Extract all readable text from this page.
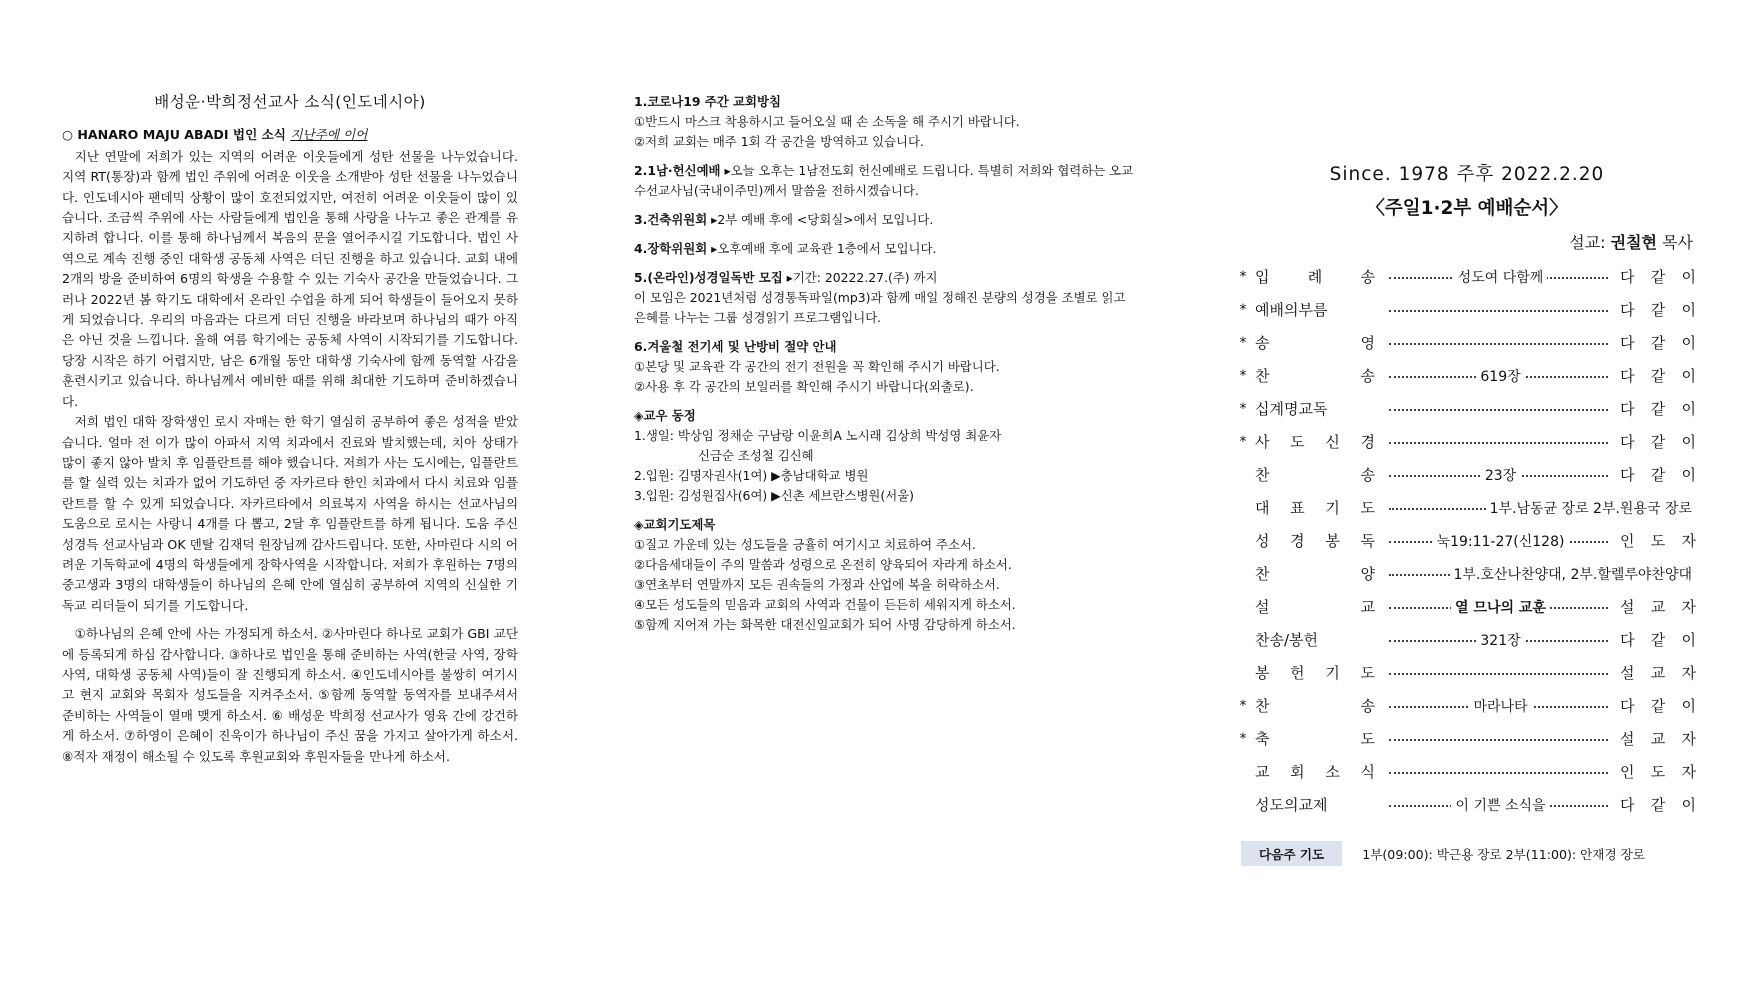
배성운·박희정선교사 소식(인도네시아)
○ HANARO MAJU ABADI 법인 소식 지난주에 이어

지난 연말에 저희가 있는 지역의 어려운 이웃들에게 성탄 선물을 나누었습니다. 지역 RT(통장)과 함께 법인 주위에 어려운 이웃을 소개받아 성탄 선물을 나누었습니다. 인도네시아 팬데믹 상황이 많이 호전되었지만, 여전히 어려운 이웃들이 많이 있습니다. 조금씩 주위에 사는 사람들에게 법인을 통해 사랑을 나누고 좋은 관계를 유지하려 합니다. 이를 통해 하나님께서 복음의 문을 열어주시길 기도합니다. 법인 사역으로 계속 진행 중인 대학생 공동체 사역은 더딘 진행을 하고 있습니다. 교회 내에 2개의 방을 준비하여 6명의 학생을 수용할 수 있는 기숙사 공간을 만들었습니다. 그러나 2022년 봄 학기도 대학에서 온라인 수업을 하게 되어 학생들이 들어오지 못하게 되었습니다. 우리의 마음과는 다르게 더딘 진행을 바라보며 하나님의 때가 아직은 아닌 것을 느낍니다. 올해 여름 학기에는 공동체 사역이 시작되기를 기도합니다. 당장 시작은 하기 어렵지만, 남은 6개월 동안 대학생 기숙사에 함께 동역할 사감을 훈련시키고 있습니다. 하나님께서 예비한 때를 위해 최대한 기도하며 준비하겠습니다.

저희 법인 대학 장학생인 로시 자매는 한 학기 열심히 공부하여 좋은 성적을 받았습니다. 얼마 전 이가 많이 아파서 지역 치과에서 진료와 발치했는데, 치아 상태가 많이 좋지 않아 발치 후 임플란트를 해야 했습니다. 저희가 사는 도시에는, 임플란트를 할 실력 있는 치과가 없어 기도하던 중 자카르타 한인 치과에서 다시 치료와 임플란트를 할 수 있게 되었습니다. 자카르타에서 의료복지 사역을 하시는 선교사님의 도움으로 로시는 사랑니 4개를 다 뽑고, 2달 후 임플란트를 하게 됩니다. 도움 주신 성경득 선교사님과 OK 덴탈 김재덕 원장님께 감사드립니다. 또한, 사마린다 시의 어려운 기독학교에 4명의 학생들에게 장학사역을 시작합니다. 저희가 후원하는 7명의 중고생과 3명의 대학생들이 하나님의 은혜 안에 열심히 공부하여 지역의 신실한 기독교 리더들이 되기를 기도합니다.

①하나님의 은혜 안에 사는 가정되게 하소서. ②사마린다 하나로 교회가 GBI 교단에 등록되게 하심 감사합니다. ③하나로 법인을 통해 준비하는 사역(한글 사역, 장학사역, 대학생 공동체 사역)들이 잘 진행되게 하소서. ④인도네시아를 불쌍히 여기시고 현지 교회와 목회자 성도들을 지켜주소서. ⑤함께 동역할 동역자를 보내주셔서 준비하는 사역들이 열매 맺게 하소서. ⑥ 배성운 박희정 선교사가 영육 간에 강건하게 하소서. ⑦하영이 은혜이 진욱이가 하나님이 주신 꿈을 가지고 살아가게 하소서. ⑧적자 재정이 해소될 수 있도록 후원교회와 후원자들을 만나게 하소서.

1.코로나19 주간 교회방침
①반드시 마스크 착용하시고 들어오실 때 손 소독을 해 주시기 바랍니다.
②저희 교회는 매주 1회 각 공간을 방역하고 있습니다.
2.1남·헌신예배 ▸오늘 오후는 1남전도회 헌신예배로 드립니다. 특별히 저희와 협력하는 오교수선교사님(국내이주민)께서 말씀을 전하시겠습니다.
3.건축위원회 ▸2부 예배 후에 <당회실>에서 모입니다.
4.장학위원회 ▸오후예배 후에 교육관 1층에서 모입니다.
5.(온라인)성경일독반 모집 ▸기간: 20222.27.(주) 까지
이 모임은 2021년처럼 성경통독파일(mp3)과 함께 매일 정해진 분량의 성경을 조별로 읽고 은혜를 나누는 그룹 성경읽기 프로그램입니다.
6.겨울철 전기세 및 난방비 절약 안내
①본당 및 교육관 각 공간의 전기 전원을 꼭 확인해 주시기 바랍니다.
②사용 후 각 공간의 보일러를 확인해 주시기 바랍니다(외출로).
◈교우 동정
1.생일: 박상임 정채순 구남랑 이윤희A 노시래 김상희 박성영 최윤자
신금순 조성철 김신혜
2.입원: 김명자권사(1여) ▶충남대학교 병원
3.입원: 김성원집사(6여) ▶신촌 세브란스병원(서울)
◈교회기도제목
①질고 가운데 있는 성도들을 긍휼히 여기시고 치료하여 주소서.
②다음세대들이 주의 말씀과 성령으로 온전히 양육되어 자라게 하소서.
③연초부터 연말까지 모든 권속들의 가정과 산업에 복을 허락하소서.
④모든 성도들의 믿음과 교회의 사역과 건물이 든든히 세워지게 하소서.
⑤함께 지어져 가는 화목한 대전신일교회가 되어 사명 감당하게 하소서.
Since. 1978 주후 2022.2.20
〈주일1·2부 예배순서〉
설교: 권칠현 목사
*	입 례 송	성도여 다함께	다 같 이
*	예배의부름		다 같 이
*	송 영		다 같 이
*	찬 송	619장	다 같 이
*	십계명교독		다 같 이
*	사 도 신 경		다 같 이
	찬 송	23장	다 같 이
	대 표 기 도	1부.남동균 장로 2부.원용국 장로	
	성 경 봉 독	눅19:11-27(신128)	인 도 자
	찬 양	1부.호산나찬양대, 2부.할렐루야찬양대	
	설 교	열 므나의 교훈	설 교 자
	찬송/봉헌	321장	다 같 이
	봉 헌 기 도		설 교 자
*	찬 송	마라나타	다 같 이
*	축 도		설 교 자
	교 회 소 식		인 도 자
	성도의교제	이 기쁜 소식을	다 같 이
다음주 기도	1부(09:00): 박근용 장로 2부(11:00): 안재경 장로
